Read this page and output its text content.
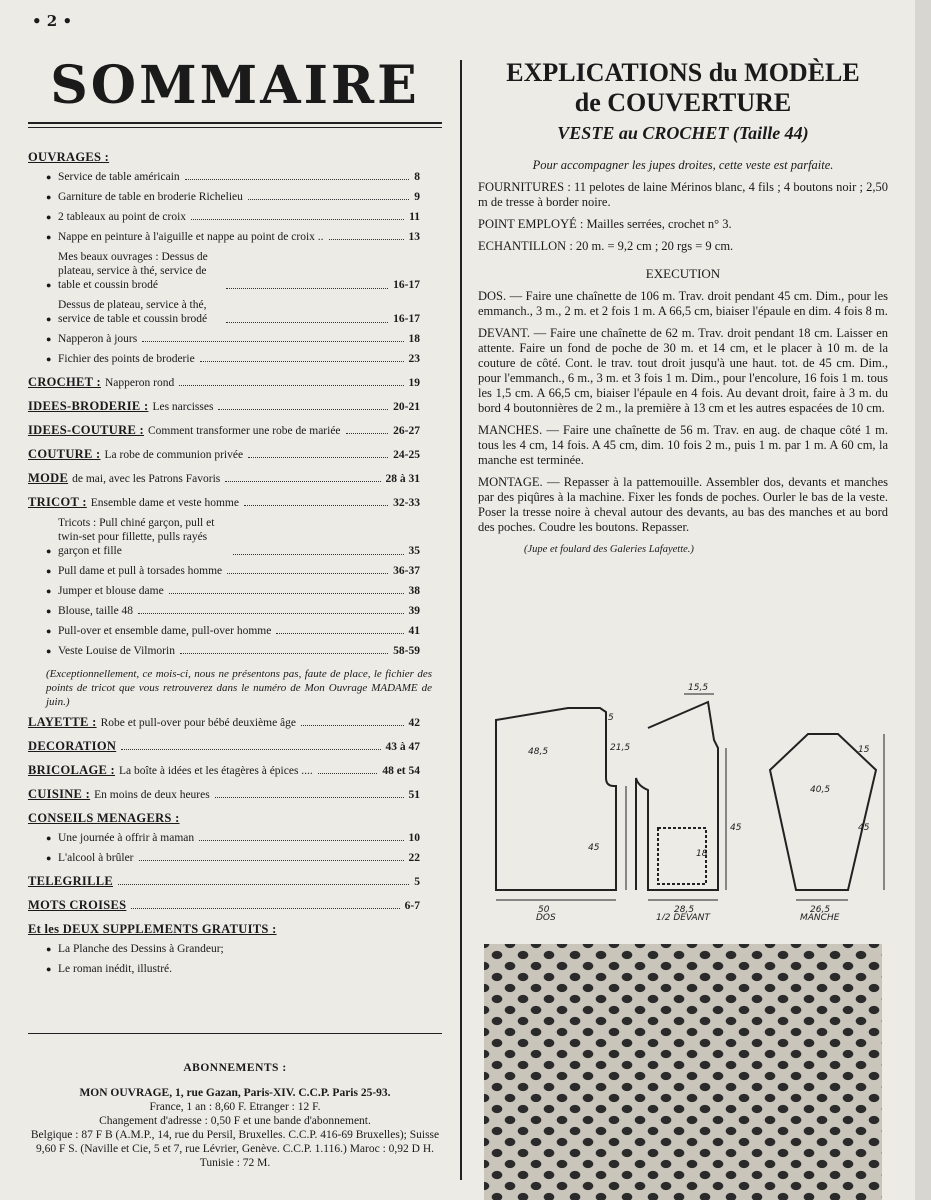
• 2 •
SOMMAIRE
OUVRAGES :
● Service de table américain	8
● Garniture de table en broderie Richelieu	9
● 2 tableaux au point de croix	11
● Nappe en peinture à l'aiguille et nappe au point de croix ..	13
●
Mes beaux ouvrages : Dessus de plateau, service à thé, service de table et coussin brodé	16-17
●
Dessus de plateau, service à thé, service de table et coussin brodé	16-17
● Napperon à jours	18
● Fichier des points de broderie	23
CROCHET : Napperon rond	19
IDEES-BRODERIE : Les narcisses	20-21
IDEES-COUTURE : Comment transformer une robe de mariée	26-27
COUTURE : La robe de communion privée	24-25
MODE de mai, avec les Patrons Favoris	28 à 31
TRICOT : Ensemble dame et veste homme	32-33
●
Tricots : Pull chiné garçon, pull et twin-set pour fillette, pulls rayés garçon et fille	35
● Pull dame et pull à torsades homme	36-37
● Jumper et blouse dame	38
● Blouse, taille 48	39
● Pull-over et ensemble dame, pull-over homme	41
● Veste Louise de Vilmorin	58-59
(Exceptionnellement, ce mois-ci, nous ne présentons pas, faute de place, le fichier des points de tricot que vous retrouverez dans le numéro de Mon Ouvrage MADAME de juin.)
LAYETTE : Robe et pull-over pour bébé deuxième âge	42
DECORATION	43 à 47
BRICOLAGE : La boîte à idées et les étagères à épices ....	48 et 54
CUISINE : En moins de deux heures	51
CONSEILS MENAGERS :
● Une journée à offrir à maman	10
● L'alcool à brûler	22
TELEGRILLE	5
MOTS CROISES	6-7
Et les DEUX SUPPLEMENTS GRATUITS :
● La Planche des Dessins à Grandeur;
● Le roman inédit, illustré.
ABONNEMENTS :

MON OUVRAGE, 1, rue Gazan, Paris-XIV. C.C.P. Paris 25-93.

France, 1 an : 8,60 F. Etranger : 12 F.

Changement d'adresse : 0,50 F et une bande d'abonnement.

Belgique : 87 F B (A.M.P., 14, rue du Persil, Bruxelles. C.C.P. 416-69 Bruxelles); Suisse 9,60 F S. (Naville et Cie, 5 et 7, rue Lévrier, Genève. C.C.P. 1.116.) Maroc : 0,92 D H. Tunisie : 72 M.

EXPLICATIONS du MODÈLE
de COUVERTURE
VESTE au CROCHET (Taille 44)

Pour accompagner les jupes droites, cette veste est parfaite.

FOURNITURES : 11 pelotes de laine Mérinos blanc, 4 fils ; 4 boutons noir ; 2,50 m de tresse à border noire.

POINT EMPLOYÉ : Mailles serrées, crochet n° 3.

ECHANTILLON : 20 m. = 9,2 cm ; 20 rgs = 9 cm.

EXECUTION

DOS. — Faire une chaînette de 106 m. Trav. droit pendant 45 cm. Dim., pour les emmanch., 3 m., 2 m. et 2 fois 1 m. A 66,5 cm, biaiser l'épaule en dim. 4 fois 8 m.

DEVANT. — Faire une chaînette de 62 m. Trav. droit pendant 18 cm. Laisser en attente. Faire un fond de poche de 30 m. et 14 cm, et le placer à 10 m. de la couture de côté. Cont. le trav. tout droit jusqu'à une haut. tot. de 45 cm. Dim., pour l'emmanch., 6 m., 3 m. et 3 fois 1 m. Dim., pour l'encolure, 16 fois 1 m. tous les 1,5 cm. A 66,5 cm, biaiser l'épaule en 4 fois. Au devant droit, faire à 3 m. du bord 4 boutonnières de 2 m., la première à 13 cm et les autres espacées de 10 cm.

MANCHES. — Faire une chaînette de 56 m. Trav. en aug. de chaque côté 1 m. tous les 4 cm, 14 fois. A 45 cm, dim. 10 fois 2 m., puis 1 m. par 1 m. A 60 cm, la manche est terminée.

MONTAGE. — Repasser à la pattemouille. Assembler dos, devants et manches par des piqûres à la machine. Fixer les fonds de poches. Ourler le bas de la veste. Poser la tresse noire à cheval autour des devants, au bas des manches et au bord des poches. Coudre les boutons. Repasser.

(Jupe et foulard des Galeries Lafayette.)
50
48,5
45
21,5
15,5
5
28,5
45
18
40,5
15
45
26,5
DOS	1/2 DEVANT	MANCHE
